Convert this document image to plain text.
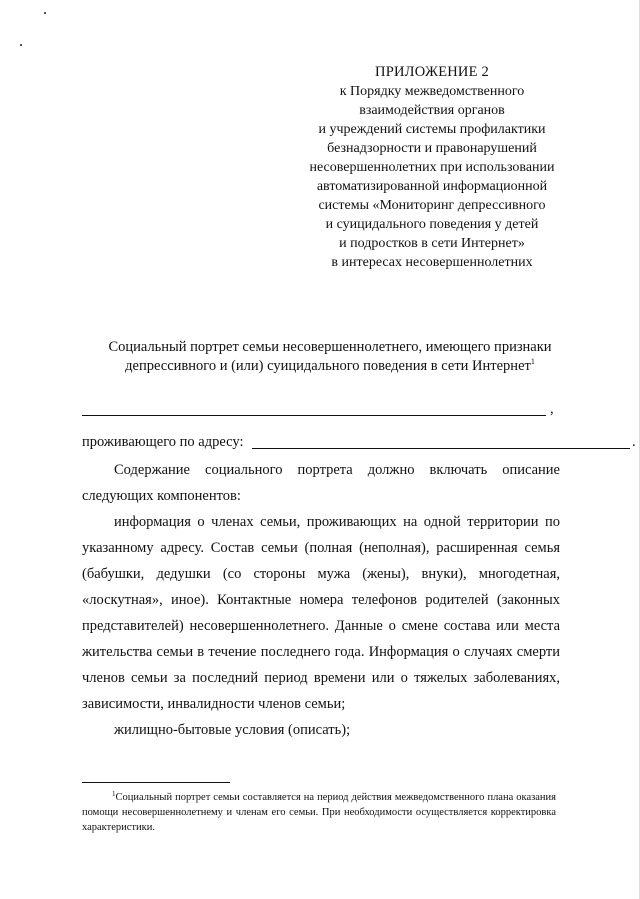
ПРИЛОЖЕНИЕ 2
к Порядку межведомственного
взаимодействия органов
и учреждений системы профилактики
безнадзорности и правонарушений
несовершеннолетних при использовании
автоматизированной информационной
системы «Мониторинг депрессивного
и суицидального поведения у детей
и подростков в сети Интернет»
в интересах несовершеннолетних
Социальный портрет семьи несовершеннолетнего, имеющего признаки
депрессивного и (или) суицидального поведения в сети Интернет$^1$
,
проживающего по адресу:	.

Содержание социального портрета должно включать описание следующих компонентов:

информация о членах семьи, проживающих на одной территории по указанному адресу. Состав семьи (полная (неполная), расширенная семья (бабушки, дедушки (со стороны мужа (жены), внуки), многодетная, «лоскутная», иное). Контактные номера телефонов родителей (законных представителей) несовершеннолетнего. Данные о смене состава или места жительства семьи в течение последнего года. Информация о случаях смерти членов семьи за последний период времени или о тяжелых заболеваниях, зависимости, инвалидности членов семьи;

жилищно-бытовые условия (описать);

$^1$Социальный портрет семьи составляется на период действия межведомственного плана оказания помощи несовершеннолетнему и членам его семьи. При необходимости осуществляется корректировка характеристики.
